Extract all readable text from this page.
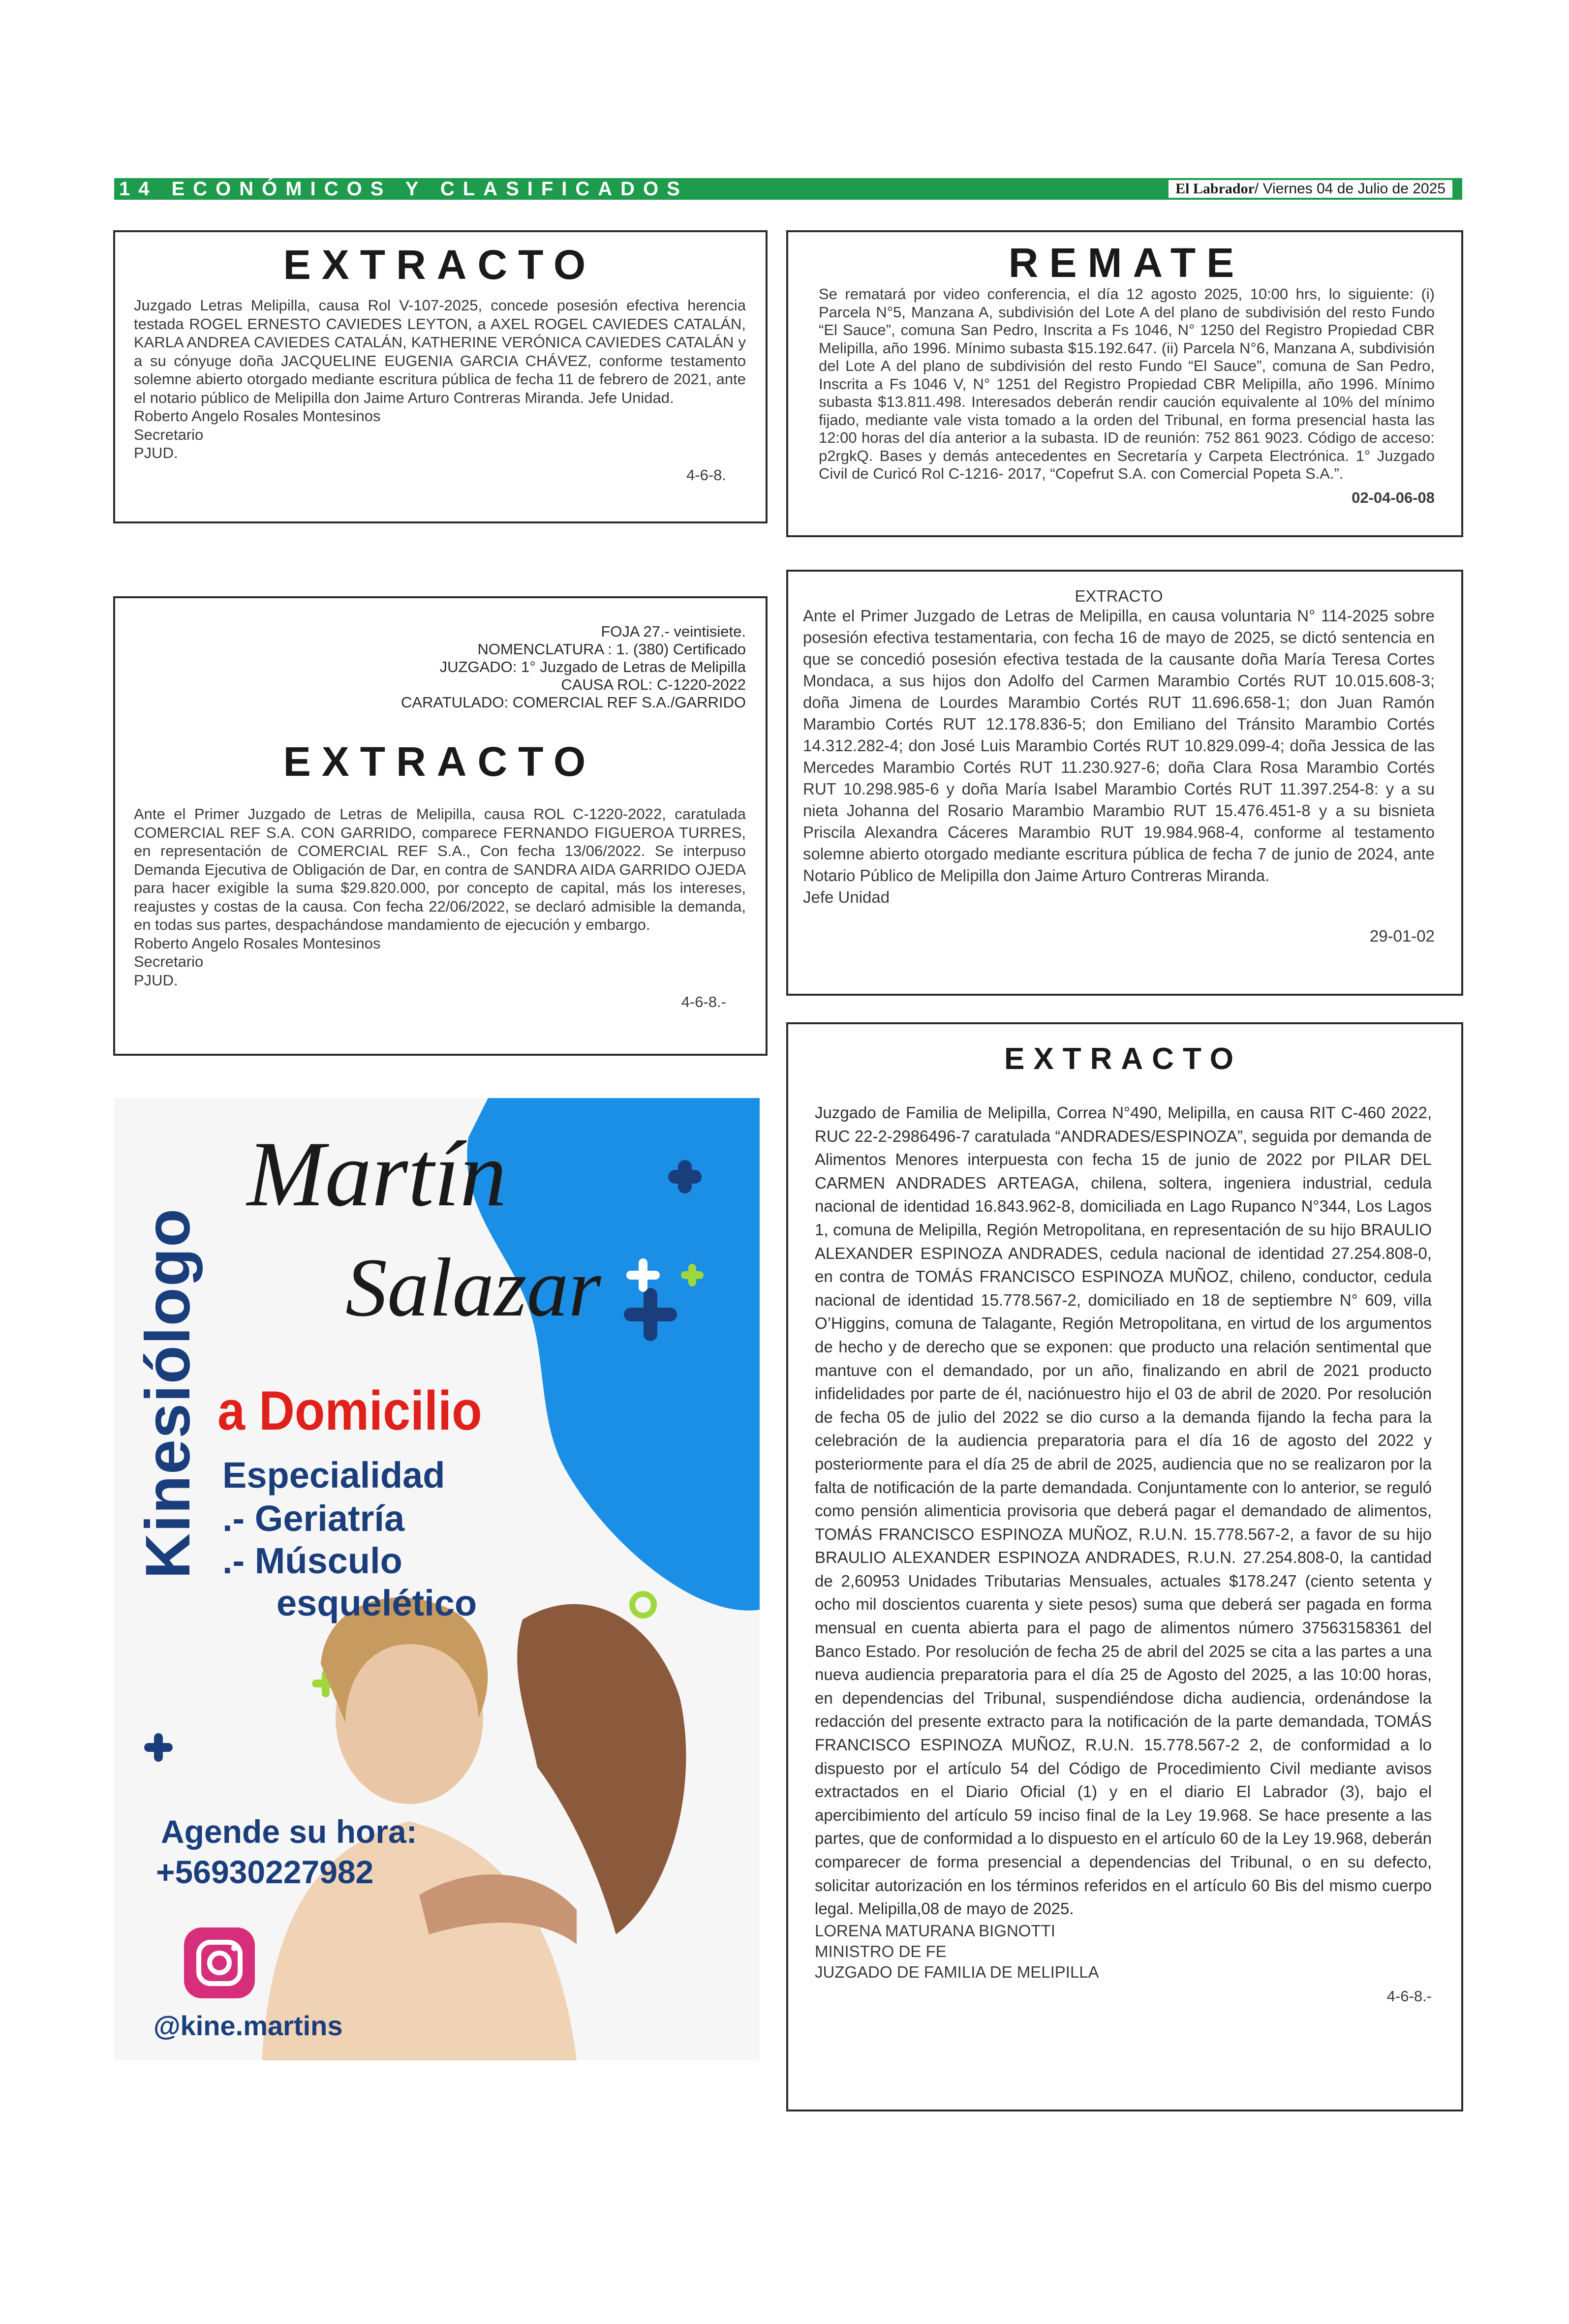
14 ECONÓMICOS Y CLASIFICADOS	El Labrador / Viernes 04 de Julio de 2025
EXTRACTO
Juzgado Letras Melipilla, causa Rol V-107-2025, concede posesión efectiva herencia testada ROGEL ERNESTO CAVIEDES LEYTON, a AXEL ROGEL CAVIEDES CATALÁN, KARLA ANDREA CAVIEDES CATALÁN, KATHERINE VERÓNICA CAVIEDES CATALÁN y a su cónyuge doña JACQUELINE EUGENIA GARCIA CHÁVEZ, conforme testamento solemne abierto otorgado mediante escritura pública de fecha 11 de febrero de 2021, ante el notario público de Melipilla don Jaime Arturo Contreras Miranda. Jefe Unidad.
Roberto Angelo Rosales Montesinos
Secretario
PJUD.
4-6-8.
REMATE
Se rematará por video conferencia, el día 12 agosto 2025, 10:00 hrs, lo siguiente: (i) Parcela N°5, Manzana A, subdivisión del Lote A del plano de subdivisión del resto Fundo “El Sauce”, comuna San Pedro, Inscrita a Fs 1046, N° 1250 del Registro Propiedad CBR Melipilla, año 1996. Mínimo subasta $15.192.647. (ii) Parcela N°6, Manzana A, subdivisión del Lote A del plano de subdivisión del resto Fundo “El Sauce”, comuna de San Pedro, Inscrita a Fs 1046 V, N° 1251 del Registro Propiedad CBR Melipilla, año 1996. Mínimo subasta $13.811.498. Interesados deberán rendir caución equivalente al 10% del mínimo fijado, mediante vale vista tomado a la orden del Tribunal, en forma presencial hasta las 12:00 horas del día anterior a la subasta. ID de reunión: 752 861 9023. Código de acceso: p2rgkQ. Bases y demás antecedentes en Secretaría y Carpeta Electrónica. 1° Juzgado Civil de Curicó Rol C-1216- 2017, “Copefrut S.A. con Comercial Popeta S.A.”.
02-04-06-08
FOJA 27.- veintisiete.
NOMENCLATURA : 1. (380) Certificado
JUZGADO: 1° Juzgado de Letras de Melipilla
CAUSA ROL: C-1220-2022
CARATULADO: COMERCIAL REF S.A./GARRIDO
EXTRACTO
Ante el Primer Juzgado de Letras de Melipilla, causa ROL C-1220-2022, caratulada COMERCIAL REF S.A. CON GARRIDO, comparece FERNANDO FIGUEROA TURRES, en representación de COMERCIAL REF S.A., Con fecha 13/06/2022. Se interpuso Demanda Ejecutiva de Obligación de Dar, en contra de SANDRA AIDA GARRIDO OJEDA para hacer exigible la suma $29.820.000, por concepto de capital, más los intereses, reajustes y costas de la causa. Con fecha 22/06/2022, se declaró admisible la demanda, en todas sus partes, despachándose mandamiento de ejecución y embargo.
Roberto Angelo Rosales Montesinos
Secretario
PJUD.
4-6-8.-
EXTRACTO
Ante el Primer Juzgado de Letras de Melipilla, en causa voluntaria N° 114-2025 sobre posesión efectiva testamentaria, con fecha 16 de mayo de 2025, se dictó sentencia en que se concedió posesión efectiva testada de la causante doña María Teresa Cortes Mondaca, a sus hijos don Adolfo del Carmen Marambio Cortés RUT 10.015.608-3; doña Jimena de Lourdes Marambio Cortés RUT 11.696.658-1; don Juan Ramón Marambio Cortés RUT 12.178.836-5; don Emiliano del Tránsito Marambio Cortés 14.312.282-4; don José Luis Marambio Cortés RUT 10.829.099-4; doña Jessica de las Mercedes Marambio Cortés RUT 11.230.927-6; doña Clara Rosa Marambio Cortés RUT 10.298.985-6 y doña María Isabel Marambio Cortés RUT 11.397.254-8: y a su nieta Johanna del Rosario Marambio Marambio RUT 15.476.451-8 y a su bisnieta Priscila Alexandra Cáceres Marambio RUT 19.984.968-4, conforme al testamento solemne abierto otorgado mediante escritura pública de fecha 7 de junio de 2024, ante Notario Público de Melipilla don Jaime Arturo Contreras Miranda.
Jefe Unidad
29-01-02
EXTRACTO
Juzgado de Familia de Melipilla, Correa N°490, Melipilla, en causa RIT C-460 2022, RUC 22-2-2986496-7 caratulada “ANDRADES/ESPINOZA”, seguida por demanda de Alimentos Menores interpuesta con fecha 15 de junio de 2022 por PILAR DEL CARMEN ANDRADES ARTEAGA, chilena, soltera, ingeniera industrial, cedula nacional de identidad 16.843.962-8, domiciliada en Lago Rupanco N°344, Los Lagos 1, comuna de Melipilla, Región Metropolitana, en representación de su hijo BRAULIO ALEXANDER ESPINOZA ANDRADES, cedula nacional de identidad 27.254.808-0, en contra de TOMÁS FRANCISCO ESPINOZA MUÑOZ, chileno, conductor, cedula nacional de identidad 15.778.567-2, domiciliado en 18 de septiembre N° 609, villa O’Higgins, comuna de Talagante, Región Metropolitana, en virtud de los argumentos de hecho y de derecho que se exponen: que producto una relación sentimental que mantuve con el demandado, por un año, finalizando en abril de 2021 producto infidelidades por parte de él, naciónuestro hijo el 03 de abril de 2020. Por resolución de fecha 05 de julio del 2022 se dio curso a la demanda fijando la fecha para la celebración de la audiencia preparatoria para el día 16 de agosto del 2022 y posteriormente para el día 25 de abril de 2025, audiencia que no se realizaron por la falta de notificación de la parte demandada. Conjuntamente con lo anterior, se reguló como pensión alimenticia provisoria que deberá pagar el demandado de alimentos, TOMÁS FRANCISCO ESPINOZA MUÑOZ, R.U.N. 15.778.567-2, a favor de su hijo BRAULIO ALEXANDER ESPINOZA ANDRADES, R.U.N. 27.254.808-0, la cantidad de 2,60953 Unidades Tributarias Mensuales, actuales $178.247 (ciento setenta y ocho mil doscientos cuarenta y siete pesos) suma que deberá ser pagada en forma mensual en cuenta abierta para el pago de alimentos número 37563158361 del Banco Estado. Por resolución de fecha 25 de abril del 2025 se cita a las partes a una nueva audiencia preparatoria para el día 25 de Agosto del 2025, a las 10:00 horas, en dependencias del Tribunal, suspendiéndose dicha audiencia, ordenándose la redacción del presente extracto para la notificación de la parte demandada, TOMÁS FRANCISCO ESPINOZA MUÑOZ, R.U.N. 15.778.567-2 2, de conformidad a lo dispuesto por el artículo 54 del Código de Procedimiento Civil mediante avisos extractados en el Diario Oficial (1) y en el diario El Labrador (3), bajo el apercibimiento del artículo 59 inciso final de la Ley 19.968. Se hace presente a las partes, que de conformidad a lo dispuesto en el artículo 60 de la Ley 19.968, deberán comparecer de forma presencial a dependencias del Tribunal, o en su defecto, solicitar autorización en los términos referidos en el artículo 60 Bis del mismo cuerpo legal. Melipilla,08 de mayo de 2025.
LORENA MATURANA BIGNOTTI
MINISTRO DE FE
JUZGADO DE FAMILIA DE MELIPILLA
4-6-8.-
Kinesiólogo
Martín
Salazar
a Domicilio
Especialidad
.- Geriatría
.- Músculo
esquelético
Agende su hora:
+56930227982
@kine.martins
